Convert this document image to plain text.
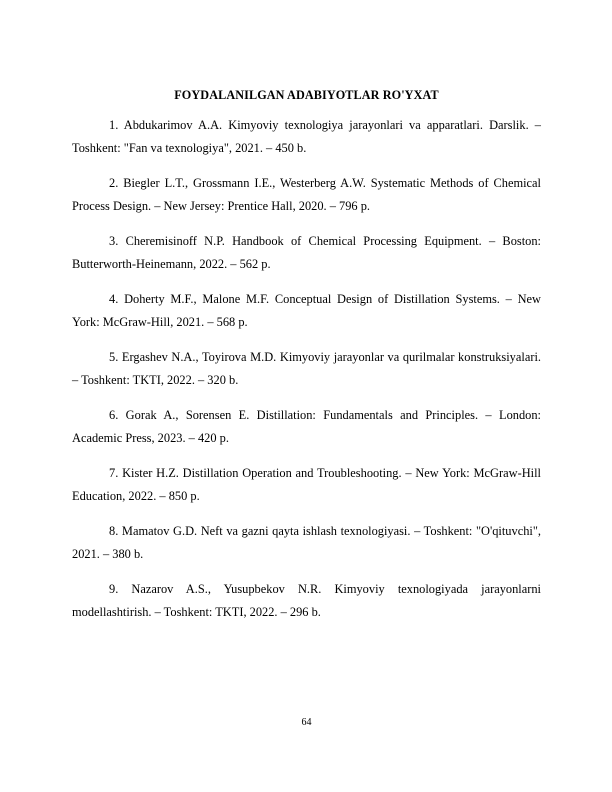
FOYDALANILGAN ADABIYOTLAR RO'YXAT

1. Abdukarimov A.A. Kimyoviy texnologiya jarayonlari va apparatlari. Darslik. – Toshkent: "Fan va texnologiya", 2021. – 450 b.

2. Biegler L.T., Grossmann I.E., Westerberg A.W. Systematic Methods of Chemical Process Design. – New Jersey: Prentice Hall, 2020. – 796 p.

3. Cheremisinoff N.P. Handbook of Chemical Processing Equipment. – Boston: Butterworth-Heinemann, 2022. – 562 p.

4. Doherty M.F., Malone M.F. Conceptual Design of Distillation Systems. – New York: McGraw-Hill, 2021. – 568 p.

5. Ergashev N.A., Toyirova M.D. Kimyoviy jarayonlar va qurilmalar konstruksiyalari. – Toshkent: TKTI, 2022. – 320 b.

6. Gorak A., Sorensen E. Distillation: Fundamentals and Principles. – London: Academic Press, 2023. – 420 p.

7. Kister H.Z. Distillation Operation and Troubleshooting. – New York: McGraw-Hill Education, 2022. – 850 p.

8. Mamatov G.D. Neft va gazni qayta ishlash texnologiyasi. – Toshkent: "O'qituvchi", 2021. – 380 b.

9. Nazarov A.S., Yusupbekov N.R. Kimyoviy texnologiyada jarayonlarni modellashtirish. – Toshkent: TKTI, 2022. – 296 b.

64
